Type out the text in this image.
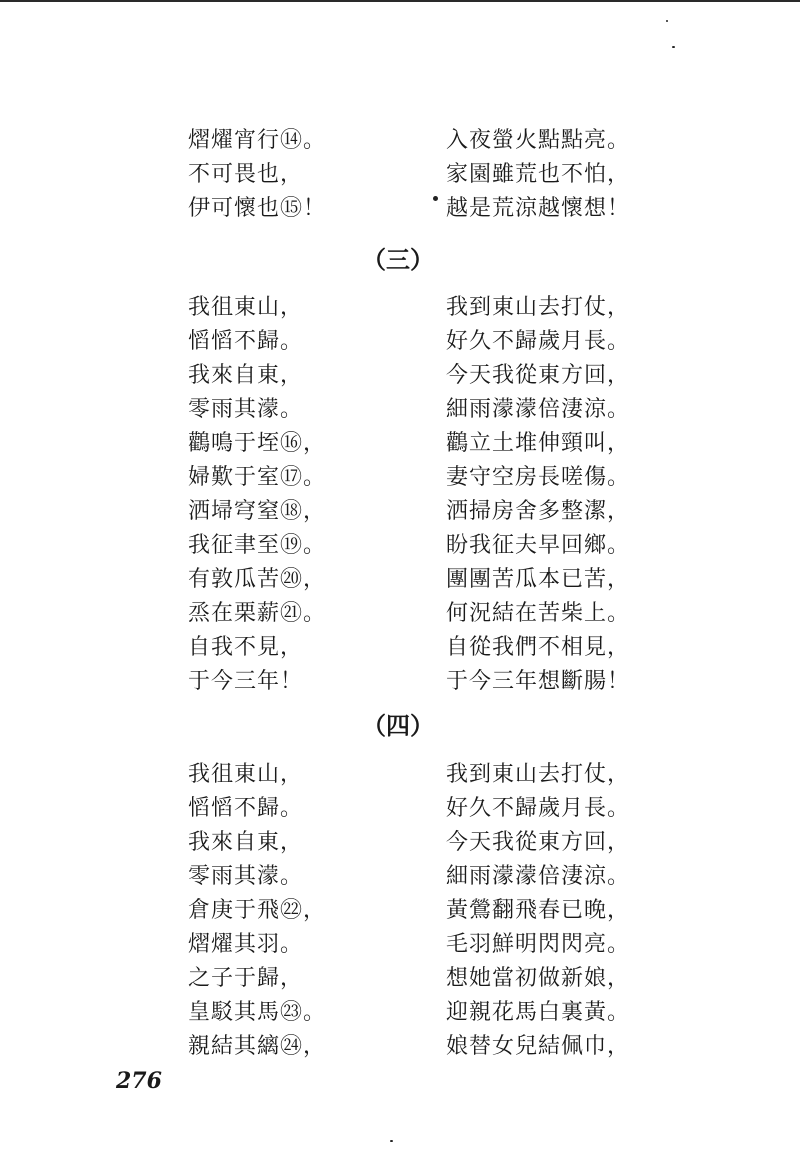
熠燿宵行⑭。	入夜螢火點點亮。
不可畏也，	家園雖荒也不怕，
伊可懷也⑮！	越是荒涼越懷想！
（三）
我徂東山，	我到東山去打仗，
慆慆不歸。	好久不歸歲月長。
我來自東，	今天我從東方回，
零雨其濛。	細雨濛濛倍淒涼。
鸛鳴于垤⑯，	鸛立土堆伸頸叫，
婦歎于室⑰。	妻守空房長嗟傷。
洒埽穹窒⑱，	洒掃房舍多整潔，
我征聿至⑲。	盼我征夫早回鄉。
有敦瓜苦⑳，	團團苦瓜本已苦，
烝在栗薪㉑。	何況結在苦柴上。
自我不見，	自從我們不相見，
于今三年！	于今三年想斷腸！
（四）
我徂東山，	我到東山去打仗，
慆慆不歸。	好久不歸歲月長。
我來自東，	今天我從東方回，
零雨其濛。	細雨濛濛倍淒涼。
倉庚于飛㉒，	黃鶯翻飛春已晚，
熠燿其羽。	毛羽鮮明閃閃亮。
之子于歸，	想她當初做新娘，
皇駁其馬㉓。	迎親花馬白裏黃。
親結其縭㉔，	娘替女兒結佩巾，
276
